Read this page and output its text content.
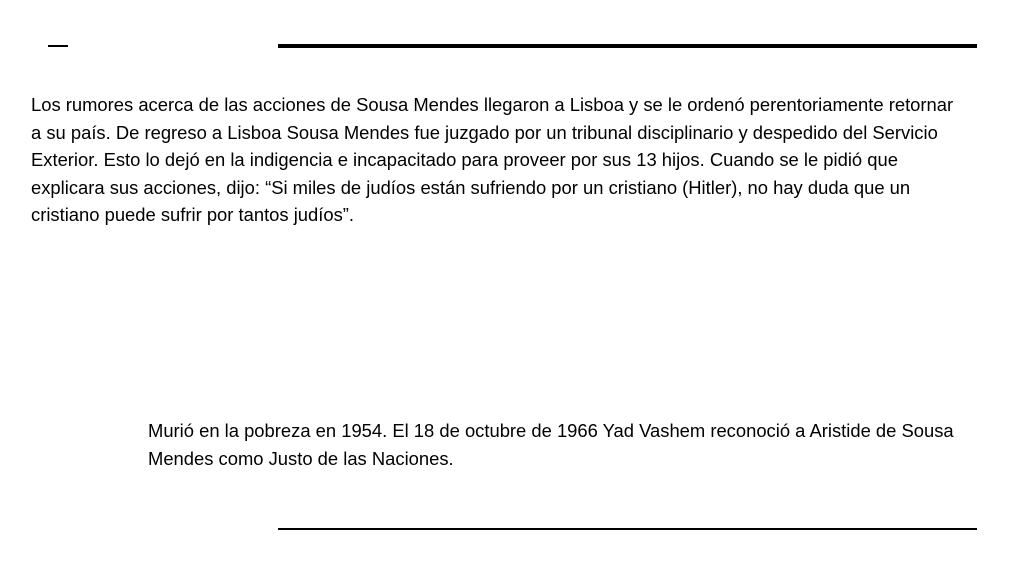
Los rumores acerca de las acciones de Sousa Mendes llegaron a Lisboa y se le ordenó perentoriamente retornar a su país. De regreso a Lisboa Sousa Mendes fue juzgado por un tribunal disciplinario y despedido del Servicio Exterior. Esto lo dejó en la indigencia e incapacitado para proveer por sus 13 hijos. Cuando se le pidió que explicara sus acciones, dijo: “Si miles de judíos están sufriendo por un cristiano (Hitler), no hay duda que un cristiano puede sufrir por tantos judíos”.

Murió en la pobreza en 1954. El 18 de octubre de 1966 Yad Vashem reconoció a Aristide de Sousa Mendes como Justo de las Naciones.
